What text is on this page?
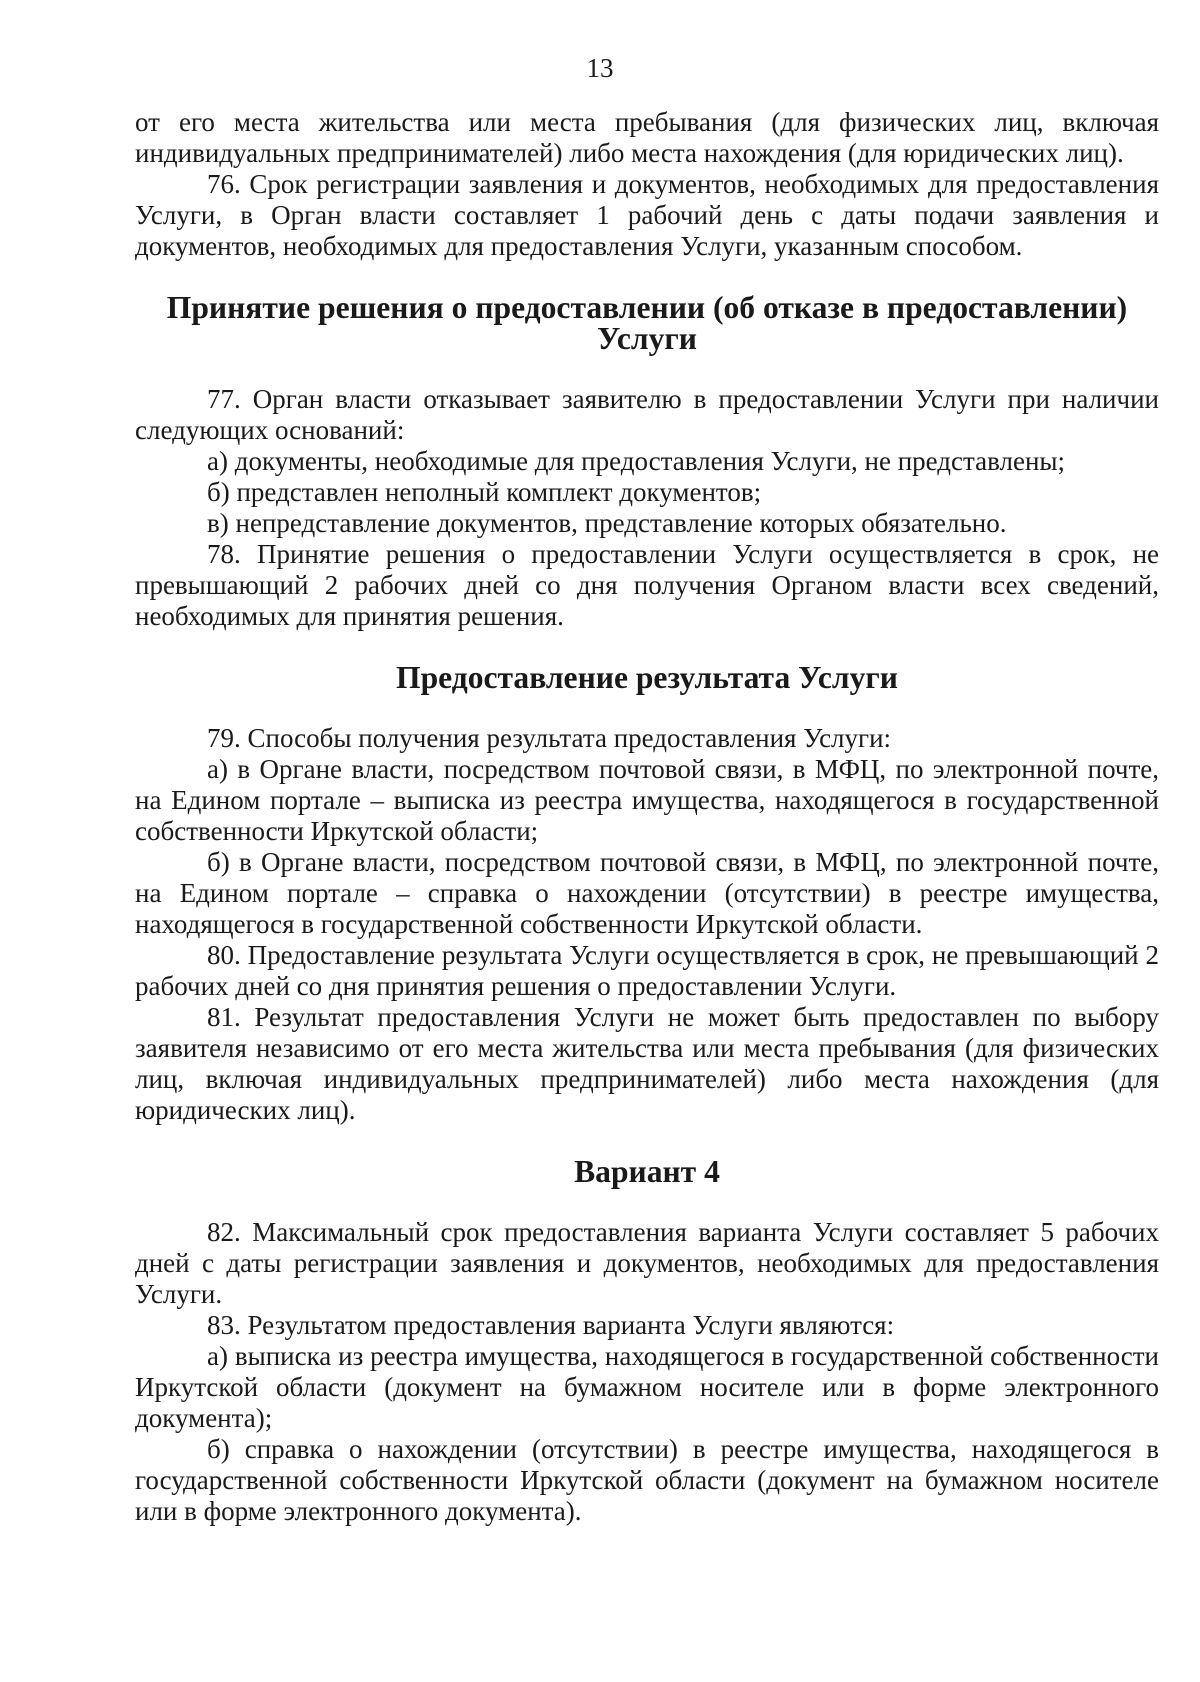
13

от его места жительства или места пребывания (для физических лиц, включая индивидуальных предпринимателей) либо места нахождения (для юридических лиц).

76. Срок регистрации заявления и документов, необходимых для предоставления Услуги, в Орган власти составляет 1 рабочий день с даты подачи заявления и документов, необходимых для предоставления Услуги, указанным способом.

Принятие решения о предоставлении (об отказе в предоставлении) Услуги

77. Орган власти отказывает заявителю в предоставлении Услуги при наличии следующих оснований:

а) документы, необходимые для предоставления Услуги, не представлены;

б) представлен неполный комплект документов;

в) непредставление документов, представление которых обязательно.

78. Принятие решения о предоставлении Услуги осуществляется в срок, не превышающий 2 рабочих дней со дня получения Органом власти всех сведений, необходимых для принятия решения.

Предоставление результата Услуги

79. Способы получения результата предоставления Услуги:

а) в Органе власти, посредством почтовой связи, в МФЦ, по электронной почте, на Едином портале – выписка из реестра имущества, находящегося в государственной собственности Иркутской области;

б) в Органе власти, посредством почтовой связи, в МФЦ, по электронной почте, на Едином портале – справка о нахождении (отсутствии) в реестре имущества, находящегося в государственной собственности Иркутской области.

80. Предоставление результата Услуги осуществляется в срок, не превышающий 2 рабочих дней со дня принятия решения о предоставлении Услуги.

81. Результат предоставления Услуги не может быть предоставлен по выбору заявителя независимо от его места жительства или места пребывания (для физических лиц, включая индивидуальных предпринимателей) либо места нахождения (для юридических лиц).

Вариант 4

82. Максимальный срок предоставления варианта Услуги составляет 5 рабочих дней с даты регистрации заявления и документов, необходимых для предоставления Услуги.

83. Результатом предоставления варианта Услуги являются:

а) выписка из реестра имущества, находящегося в государственной собственности Иркутской области (документ на бумажном носителе или в форме электронного документа);

б) справка о нахождении (отсутствии) в реестре имущества, находящегося в государственной собственности Иркутской области (документ на бумажном носителе или в форме электронного документа).
